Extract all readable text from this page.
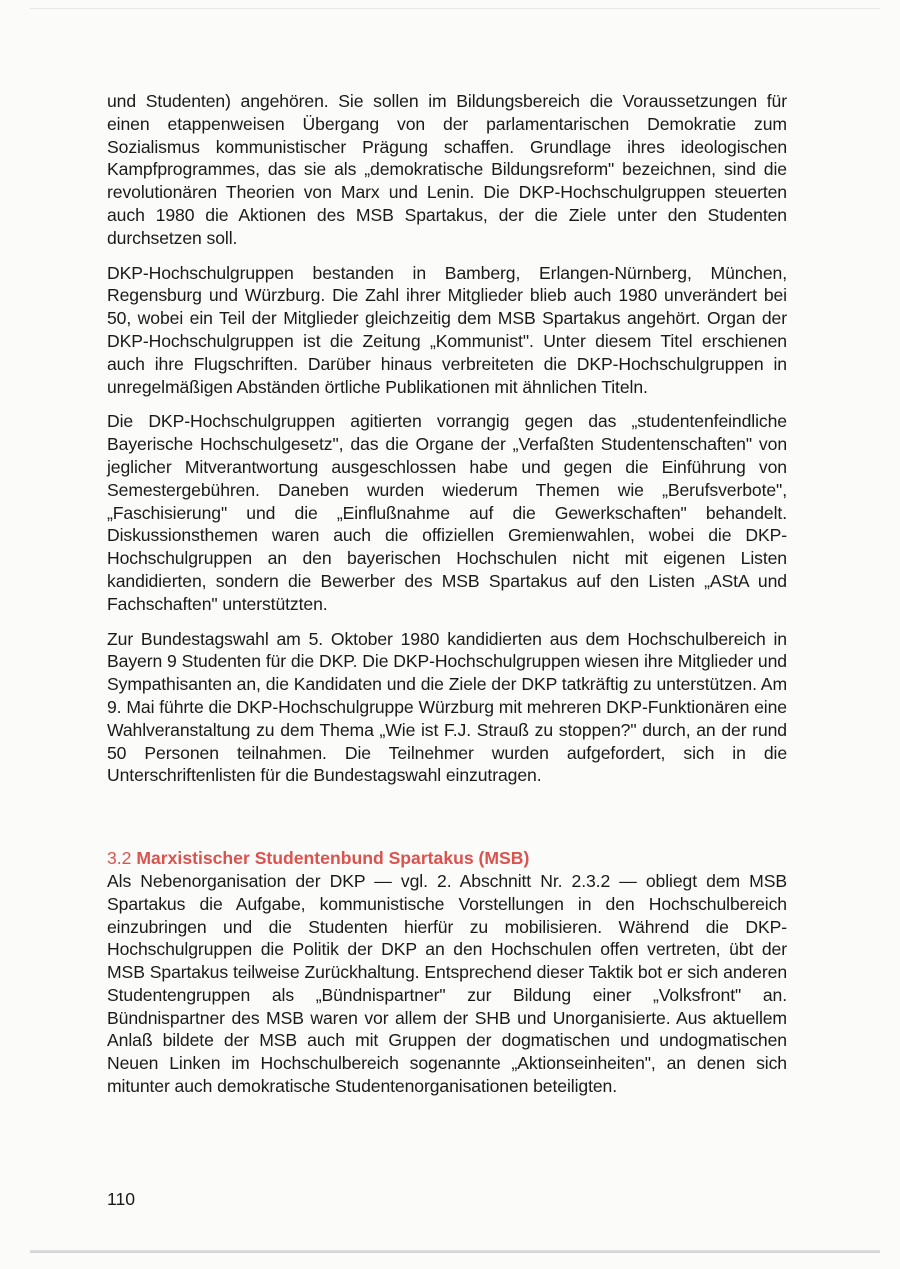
und Studenten) angehören. Sie sollen im Bildungsbereich die Voraussetzungen für einen etappenweisen Übergang von der parlamentarischen Demokratie zum Sozialismus kommunistischer Prägung schaffen. Grundlage ihres ideologischen Kampfprogrammes, das sie als „demokratische Bildungsreform" bezeichnen, sind die revolutionären Theorien von Marx und Lenin. Die DKP-Hochschulgruppen steuerten auch 1980 die Aktionen des MSB Spartakus, der die Ziele unter den Studenten durchsetzen soll.

DKP-Hochschulgruppen bestanden in Bamberg, Erlangen-Nürnberg, München, Regensburg und Würzburg. Die Zahl ihrer Mitglieder blieb auch 1980 unverändert bei 50, wobei ein Teil der Mitglieder gleichzeitig dem MSB Spartakus angehört. Organ der DKP-Hochschulgruppen ist die Zeitung „Kommunist". Unter diesem Titel erschienen auch ihre Flugschriften. Darüber hinaus verbreiteten die DKP-Hochschulgruppen in unregelmäßigen Abständen örtliche Publikationen mit ähnlichen Titeln.

Die DKP-Hochschulgruppen agitierten vorrangig gegen das „studentenfeindliche Bayerische Hochschulgesetz", das die Organe der „Verfaßten Studentenschaften" von jeglicher Mitverantwortung ausgeschlossen habe und gegen die Einführung von Semestergebühren. Daneben wurden wiederum Themen wie „Berufsverbote", „Faschisierung" und die „Einflußnahme auf die Gewerkschaften" behandelt. Diskussionsthemen waren auch die offiziellen Gremienwahlen, wobei die DKP-Hochschulgruppen an den bayerischen Hochschulen nicht mit eigenen Listen kandidierten, sondern die Bewerber des MSB Spartakus auf den Listen „AStA und Fachschaften" unterstützten.

Zur Bundestagswahl am 5. Oktober 1980 kandidierten aus dem Hochschulbereich in Bayern 9 Studenten für die DKP. Die DKP-Hochschulgruppen wiesen ihre Mitglieder und Sympathisanten an, die Kandidaten und die Ziele der DKP tatkräftig zu unterstützen. Am 9. Mai führte die DKP-Hochschulgruppe Würzburg mit mehreren DKP-Funktionären eine Wahlveranstaltung zu dem Thema „Wie ist F.J. Strauß zu stoppen?" durch, an der rund 50 Personen teilnahmen. Die Teilnehmer wurden aufgefordert, sich in die Unterschriftenlisten für die Bundestagswahl einzutragen.

3.2 Marxistischer Studentenbund Spartakus (MSB)

Als Nebenorganisation der DKP — vgl. 2. Abschnitt Nr. 2.3.2 — obliegt dem MSB Spartakus die Aufgabe, kommunistische Vorstellungen in den Hochschulbereich einzubringen und die Studenten hierfür zu mobilisieren. Während die DKP-Hochschulgruppen die Politik der DKP an den Hochschulen offen vertreten, übt der MSB Spartakus teilweise Zurückhaltung. Entsprechend dieser Taktik bot er sich anderen Studentengruppen als „Bündnispartner" zur Bildung einer „Volksfront" an. Bündnispartner des MSB waren vor allem der SHB und Unorganisierte. Aus aktuellem Anlaß bildete der MSB auch mit Gruppen der dogmatischen und undogmatischen Neuen Linken im Hochschulbereich sogenannte „Aktionseinheiten", an denen sich mitunter auch demokratische Studentenorganisationen beteiligten.

110
